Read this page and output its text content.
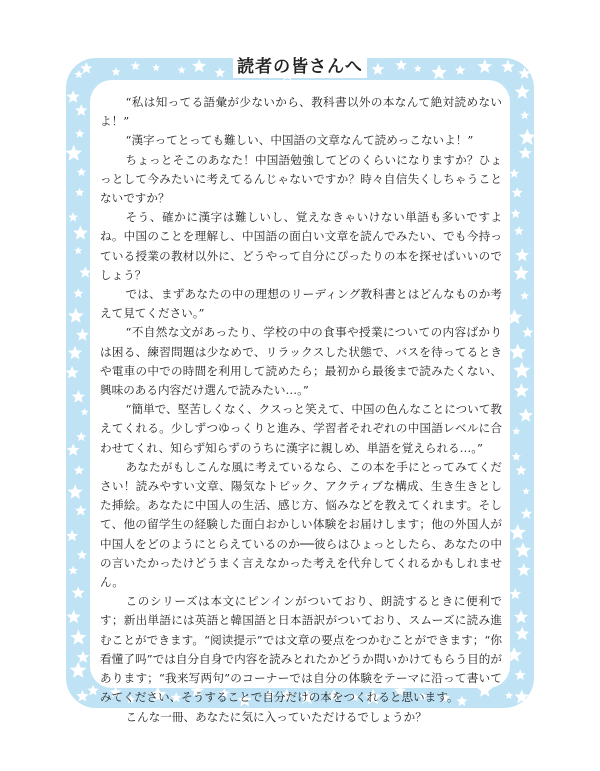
読者の皆さんへ

“私は知ってる語彙が少ないから、教科書以外の本なんて絶対読めないよ！”

“漢字ってとっても難しい、中国語の文章なんて読めっこないよ！”

ちょっとそこのあなた！中国語勉強してどのくらいになりますか？ひょっとして今みたいに考えてるんじゃないですか？時々自信失くしちゃうことないですか？

そう、確かに漢字は難しいし、覚えなきゃいけない単語も多いですよね。中国のことを理解し、中国語の面白い文章を読んでみたい、でも今持っている授業の教材以外に、どうやって自分にぴったりの本を探せばいいのでしょう？

では、まずあなたの中の理想のリーディング教科書とはどんなものか考えて見てください。”

“不自然な文があったり、学校の中の食事や授業についての内容ばかりは困る、練習問題は少なめで、リラックスした状態で、バスを待ってるときや電車の中での時間を利用して読めたら；最初から最後まで読みたくない、興味のある内容だけ選んで読みたい…。”

“簡単で、堅苦しくなく、クスっと笑えて、中国の色んなことについて教えてくれる。少しずつゆっくりと進み、学習者それぞれの中国語レベルに合わせてくれ、知らず知らずのうちに漢字に親しめ、単語を覚えられる…。”

あなたがもしこんな風に考えているなら、この本を手にとってみてください！読みやすい文章、陽気なトピック、アクティブな構成、生き生きとした挿絵。あなたに中国人の生活、感じ方、悩みなどを教えてくれます。そして、他の留学生の経験した面白おかしい体験をお届けします；他の外国人が中国人をどのようにとらえているのか──彼らはひょっとしたら、あなたの中の言いたかったけどうまく言えなかった考えを代弁してくれるかもしれません。

このシリーズは本文にピンインがついており、朗読するときに便利です；新出単語には英語と韓国語と日本語訳がついており、スムーズに読み進むことができます。“阅读提示”では文章の要点をつかむことができます；“你看懂了吗”では自分自身で内容を読みとれたかどうか問いかけてもらう目的があります；“我来写两句”のコーナーでは自分の体験をテーマに沿って書いてみてください、そうすることで自分だけの本をつくれると思います。

こんな一冊、あなたに気に入っていただけるでしょうか？
